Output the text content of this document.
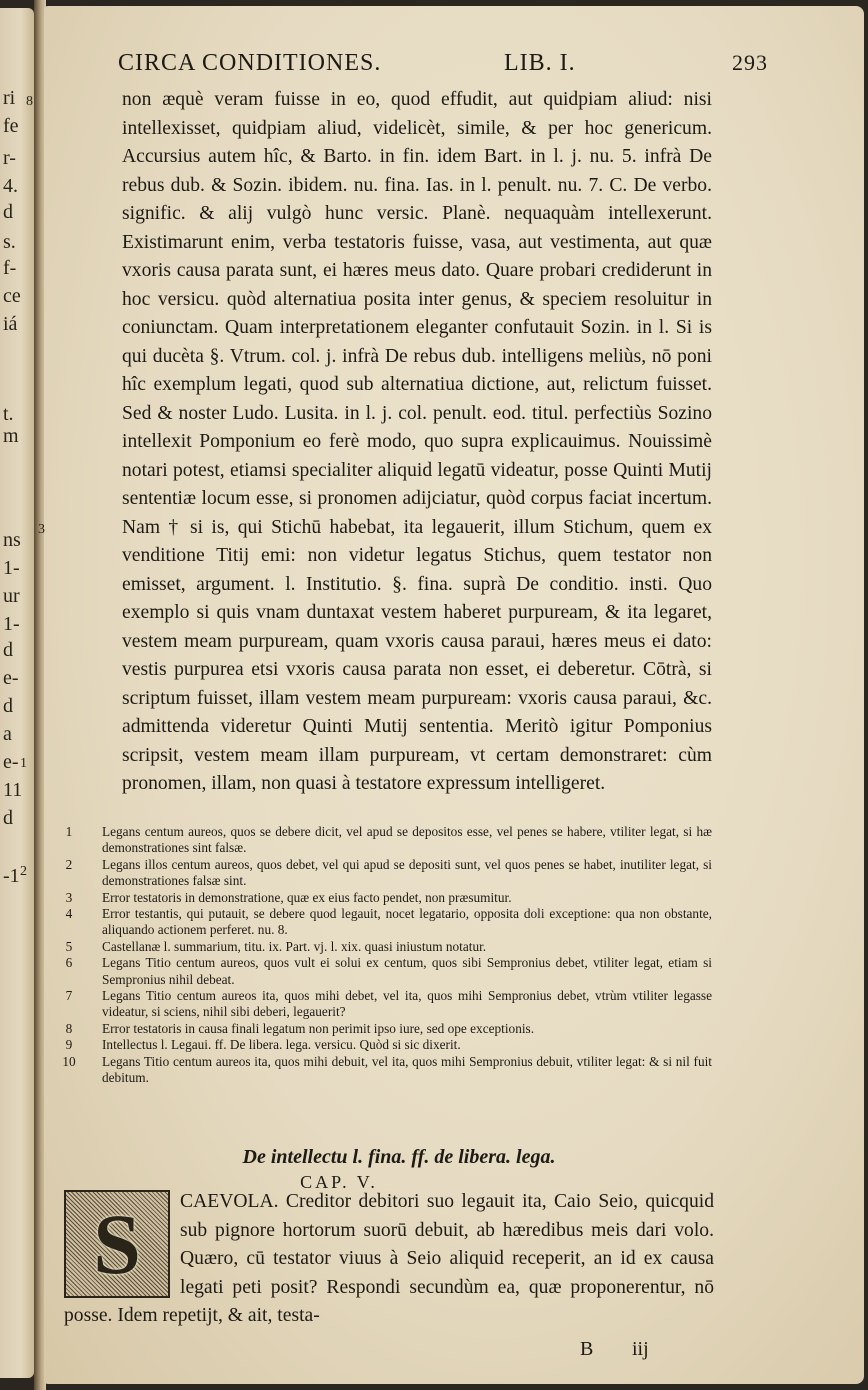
ri
fe
r-
4.
d
s.
f-
ce
iá
t.
m
ns
1-
ur
1-
d
e-
d
a
e-
11
d
-1
CIRCA CONDITIONES.	LIB. I.	293
8
3
1
2

non æquè veram fuisse in eo, quod effudit, aut quidpiam aliud: nisi intellexisset, quidpiam aliud, videlicèt, simile, & per hoc genericum. Accursius autem hîc, & Barto. in fin. idem Bart. in l. j. nu. 5. infrà De rebus dub. & Sozin. ibidem. nu. fina. Ias. in l. penult. nu. 7. C. De verbo. signific. & alij vulgò hunc versic. Planè. nequaquàm intellexerunt. Existimarunt enim, verba testatoris fuisse, vasa, aut vestimenta, aut quæ vxoris causa parata sunt, ei hæres meus dato. Quare probari crediderunt in hoc versicu. quòd alternatiua posita inter genus, & speciem resoluitur in coniunctam. Quam interpretationem eleganter confutauit Sozin. in l. Si is qui ducèta §. Vtrum. col. j. infrà De rebus dub. intelligens meliùs, nō poni hîc exemplum legati, quod sub alternatiua dictione, aut, relictum fuisset. Sed & noster Ludo. Lusita. in l. j. col. penult. eod. titul. perfectiùs Sozino intellexit Pomponium eo ferè modo, quo supra explicauimus. Nouissimè notari potest, etiamsi specialiter aliquid legatū videatur, posse Quinti Mutij sententiæ locum esse, si pronomen adijciatur, quòd corpus faciat incertum. Nam † si is, qui Stichū habebat, ita legauerit, illum Stichum, quem ex venditione Titij emi: non videtur legatus Stichus, quem testator non emisset, argument. l. Institutio. §. fina. suprà De conditio. insti. Quo exemplo si quis vnam duntaxat vestem haberet purpuream, & ita legaret, vestem meam purpuream, quam vxoris causa paraui, hæres meus ei dato: vestis purpurea etsi vxoris causa parata non esset, ei deberetur. Cōtrà, si scriptum fuisset, illam vestem meam purpuream: vxoris causa paraui, &c. admittenda videretur Quinti Mutij sententia. Meritò igitur Pomponius scripsit, vestem meam illam purpuream, vt certam demonstraret: cùm pronomen, illam, non quasi à testatore expressum intelligeret.

1 Legans centum aureos, quos se debere dicit, vel apud se depositos esse, vel penes se habere, vtiliter legat, si hæ demonstrationes sint falsæ.
2 Legans illos centum aureos, quos debet, vel qui apud se depositi sunt, vel quos penes se habet, inutiliter legat, si demonstrationes falsæ sint.
3 Error testatoris in demonstratione, quæ ex eius facto pendet, non præsumitur.
4 Error testantis, qui putauit, se debere quod legauit, nocet legatario, opposita doli exceptione: qua non obstante, aliquando actionem perferet. nu. 8.
5 Castellanæ l. summarium, titu. ix. Part. vj. l. xix. quasi iniustum notatur.
6 Legans Titio centum aureos, quos vult ei solui ex centum, quos sibi Sempronius debet, vtiliter legat, etiam si Sempronius nihil debeat.
7 Legans Titio centum aureos ita, quos mihi debet, vel ita, quos mihi Sempronius debet, vtrùm vtiliter legasse videatur, si sciens, nihil sibi deberi, legauerit?
8 Error testatoris in causa finali legatum non perimit ipso iure, sed ope exceptionis.
9 Intellectus l. Legaui. ff. De libera. lega. versicu. Quòd si sic dixerit.
10 Legans Titio centum aureos ita, quos mihi debuit, vel ita, quos mihi Sempronius debuit, vtiliter legat: & si nil fuit debitum.
De intellectu l. fina. ff. de libera. lega.
CAP. V.

CAEVOLA. Creditor debitori suo legauit ita, Caio Seio, quicquid sub pignore hortorum suorū debuit, ab hæredibus meis dari volo. Quæro, cū testator viuus à Seio aliquid receperit, an id ex causa legati peti posit? Respondi secundùm ea, quæ proponerentur, nō posse. Idem repetijt, & ait, testa-

S
B iij
